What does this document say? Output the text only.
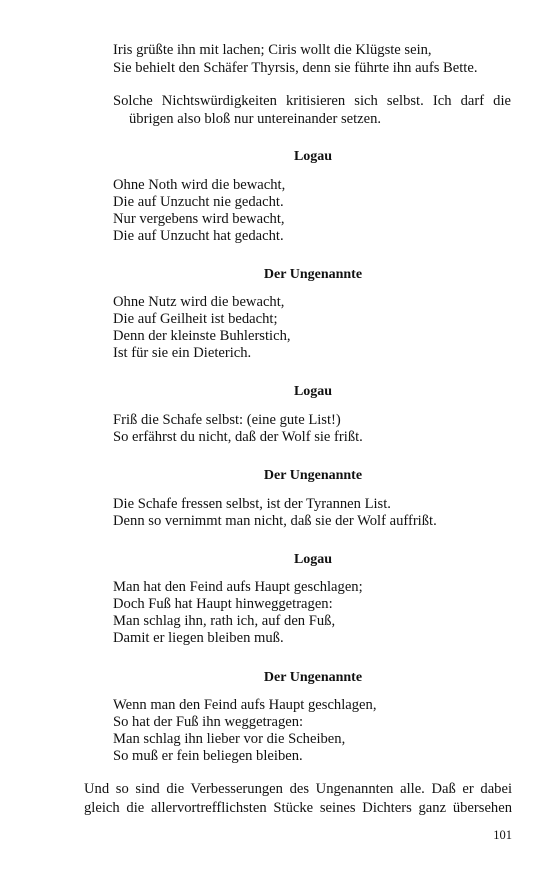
Iris grüßte ihn mit lachen; Ciris wollt die Klügste sein,
Sie behielt den Schäfer Thyrsis, denn sie führte ihn aufs Bette.
Solche Nichtswürdigkeiten kritisieren sich selbst. Ich darf die
übrigen also bloß nur untereinander setzen.
Logau
Ohne Noth wird die bewacht,
Die auf Unzucht nie gedacht.
Nur vergebens wird bewacht,
Die auf Unzucht hat gedacht.
Der Ungenannte
Ohne Nutz wird die bewacht,
Die auf Geilheit ist bedacht;
Denn der kleinste Buhlerstich,
Ist für sie ein Dieterich.
Logau
Friß die Schafe selbst: (eine gute List!)
So erfährst du nicht, daß der Wolf sie frißt.
Der Ungenannte
Die Schafe fressen selbst, ist der Tyrannen List.
Denn so vernimmt man nicht, daß sie der Wolf auffrißt.
Logau
Man hat den Feind aufs Haupt geschlagen;
Doch Fuß hat Haupt hinweggetragen:
Man schlag ihn, rath ich, auf den Fuß,
Damit er liegen bleiben muß.
Der Ungenannte
Wenn man den Feind aufs Haupt geschlagen,
So hat der Fuß ihn weggetragen:
Man schlag ihn lieber vor die Scheiben,
So muß er fein beliegen bleiben.
Und so sind die Verbesserungen des Ungenannten alle. Daß er dabei
gleich die allervortrefflichsten Stücke seines Dichters ganz übersehen
101
